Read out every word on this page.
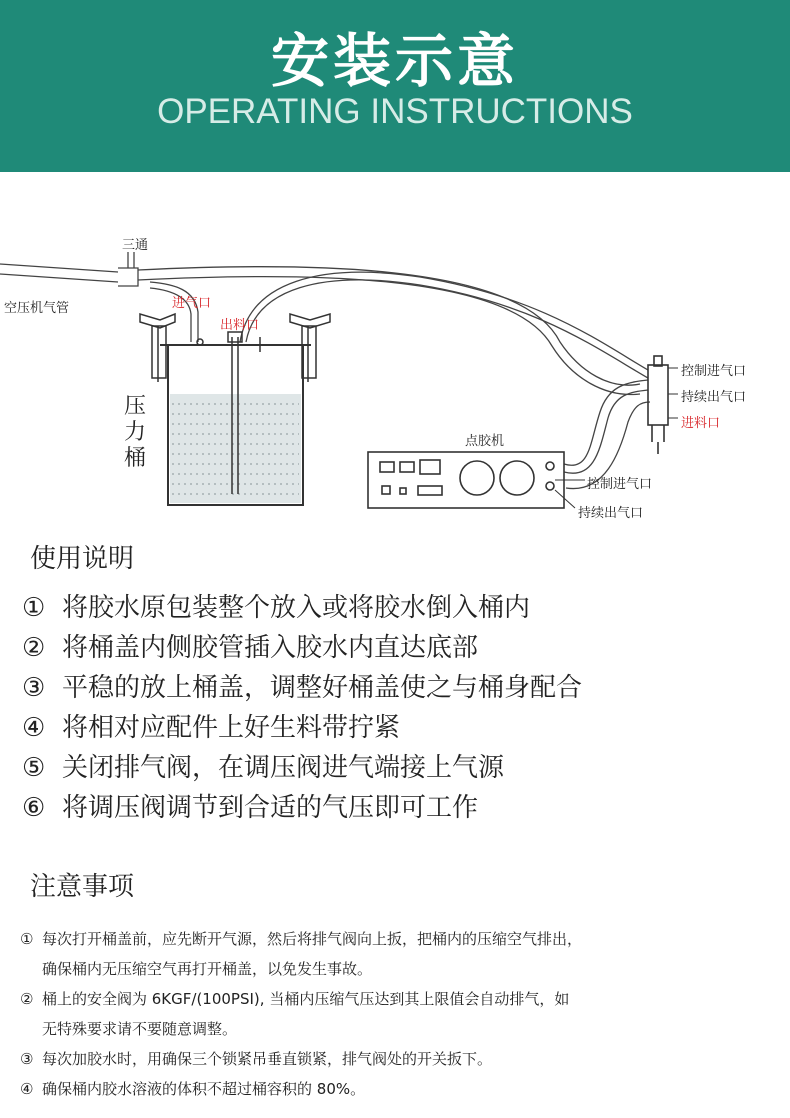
安装示意
OPERATING INSTRUCTIONS
三通
空压机气管	进气口
出料口
压力桶
点胶机
控制进气口
持续出气口
进料口
控制进气口
持续出气口
使用说明
① 将胶水原包装整个放入或将胶水倒入桶内
② 将桶盖内侧胶管插入胶水内直达底部
③ 平稳的放上桶盖，调整好桶盖使之与桶身配合
④ 将相对应配件上好生料带拧紧
⑤ 关闭排气阀，在调压阀进气端接上气源
⑥ 将调压阀调节到合适的气压即可工作
注意事项
① 每次打开桶盖前，应先断开气源，然后将排气阀向上扳，把桶内的压缩空气排出，
确保桶内无压缩空气再打开桶盖，以免发生事故。
② 桶上的安全阀为 6KGF/(100PSI), 当桶内压缩气压达到其上限值会自动排气，如
无特殊要求请不要随意调整。
③ 每次加胶水时，用确保三个锁紧吊垂直锁紧，排气阀处的开关扳下。
④ 确保桶内胶水溶液的体积不超过桶容积的 80%。
